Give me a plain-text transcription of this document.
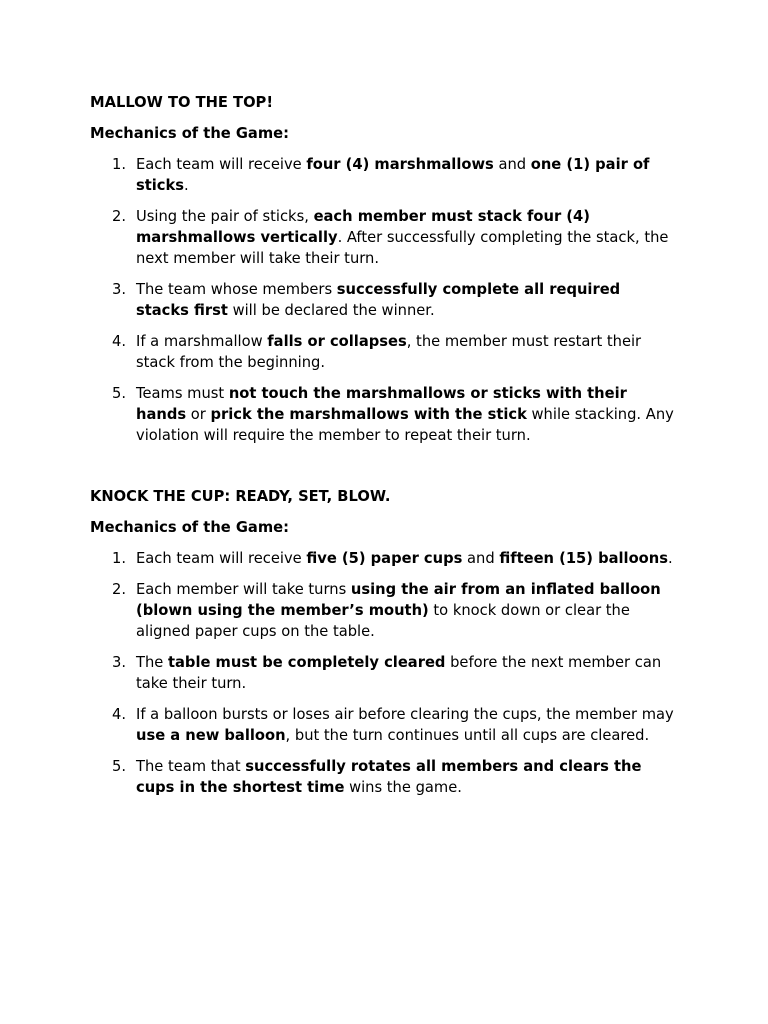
MALLOW TO THE TOP!

Mechanics of the Game:

1. Each team will receive four (4) marshmallows and one (1) pair of sticks.
2. Using the pair of sticks, each member must stack four (4) marshmallows vertically. After successfully completing the stack, the next member will take their turn.
3. The team whose members successfully complete all required stacks first will be declared the winner.
4. If a marshmallow falls or collapses, the member must restart their stack from the beginning.
5. Teams must not touch the marshmallows or sticks with their hands or prick the marshmallows with the stick while stacking. Any violation will require the member to repeat their turn.

KNOCK THE CUP: READY, SET, BLOW.

Mechanics of the Game:

1. Each team will receive five (5) paper cups and fifteen (15) balloons.
2. Each member will take turns using the air from an inflated balloon (blown using the member’s mouth) to knock down or clear the aligned paper cups on the table.
3. The table must be completely cleared before the next member can take their turn.
4. If a balloon bursts or loses air before clearing the cups, the member may use a new balloon, but the turn continues until all cups are cleared.
5. The team that successfully rotates all members and clears the cups in the shortest time wins the game.
